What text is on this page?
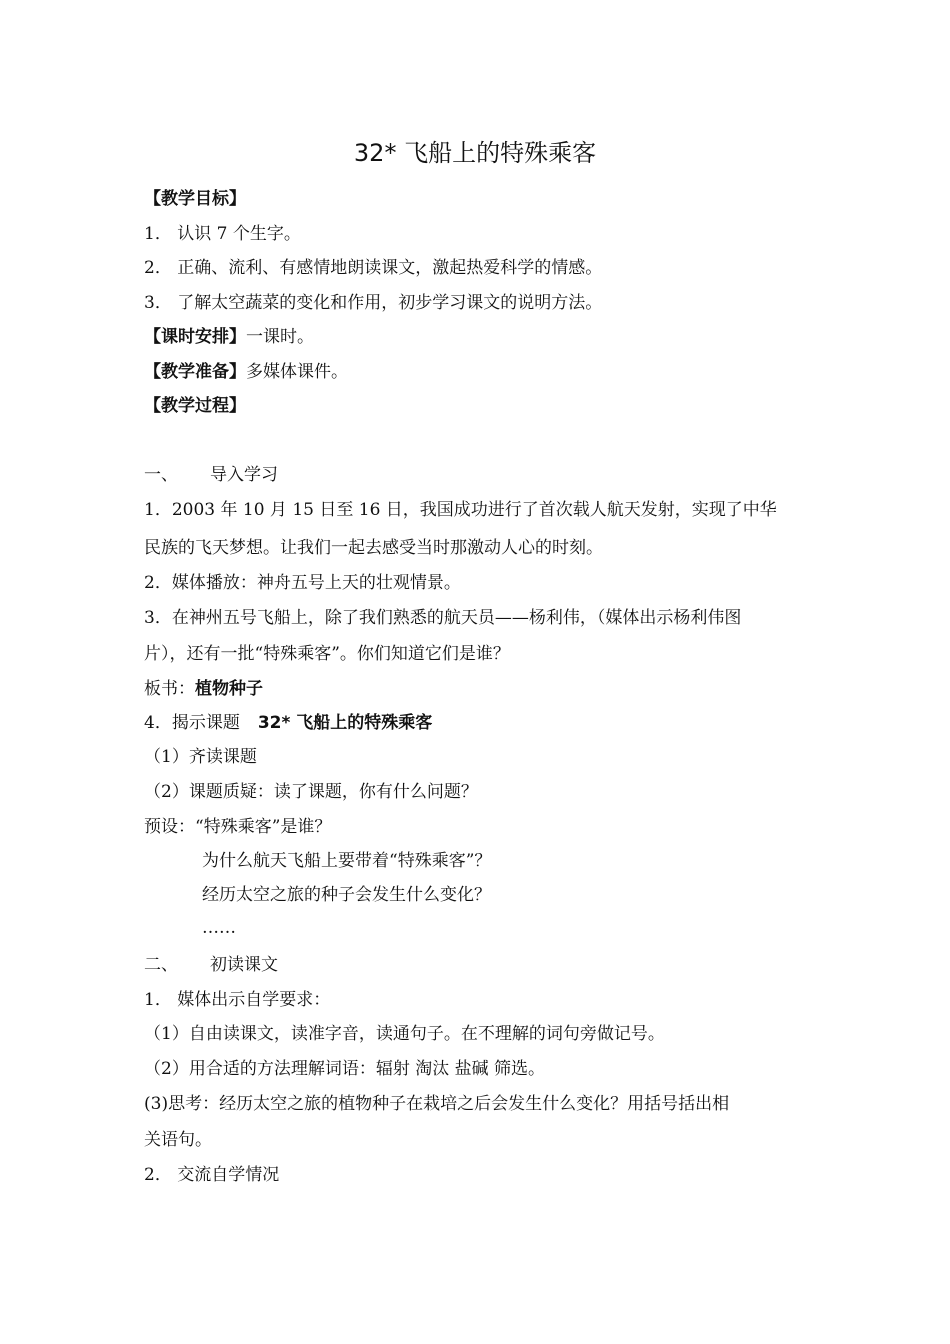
32* 飞船上的特殊乘客
【教学目标】
1． 认识 7 个生字。
2． 正确、流利、有感情地朗读课文，激起热爱科学的情感。
3． 了解太空蔬菜的变化和作用，初步学习课文的说明方法。
【课时安排】一课时。
【教学准备】多媒体课件。
【教学过程】
一、 导入学习
1．2003 年 10 月 15 日至 16 日，我国成功进行了首次载人航天发射，实现了中华
民族的飞天梦想。让我们一起去感受当时那激动人心的时刻。
2．媒体播放：神舟五号上天的壮观情景。
3．在神州五号飞船上，除了我们熟悉的航天员——杨利伟，（媒体出示杨利伟图
片），还有一批“特殊乘客”。你们知道它们是谁？
板书：植物种子
4．揭示课题 32* 飞船上的特殊乘客
（1）齐读课题
（2）课题质疑：读了课题，你有什么问题？
预设：“特殊乘客”是谁？
为什么航天飞船上要带着“特殊乘客”？
经历太空之旅的种子会发生什么变化？
……
二、 初读课文
1． 媒体出示自学要求：
（1）自由读课文，读准字音，读通句子。在不理解的词句旁做记号。
（2）用合适的方法理解词语：辐射 淘汰 盐碱 筛选。
(3)思考：经历太空之旅的植物种子在栽培之后会发生什么变化？用括号括出相
关语句。
2． 交流自学情况
